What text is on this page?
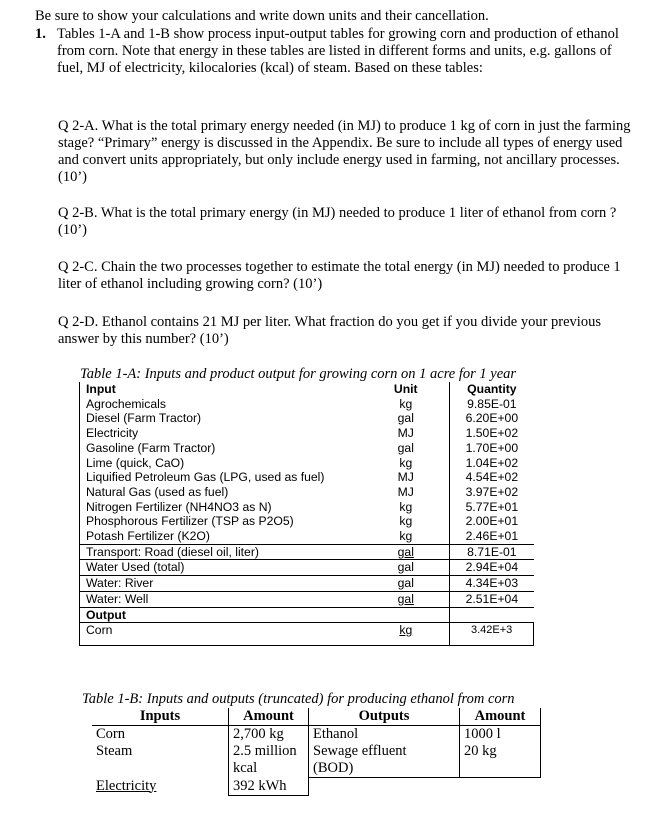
Be sure to show your calculations and write down units and their cancellation.
1. Tables 1-A and 1-B show process input-output tables for growing corn and production of ethanol from corn. Note that energy in these tables are listed in different forms and units, e.g. gallons of fuel, MJ of electricity, kilocalories (kcal) of steam. Based on these tables:
Q 2-A. What is the total primary energy needed (in MJ) to produce 1 kg of corn in just the farming stage? “Primary” energy is discussed in the Appendix. Be sure to include all types of energy used and convert units appropriately, but only include energy used in farming, not ancillary processes. (10’)
Q 2-B. What is the total primary energy (in MJ) needed to produce 1 liter of ethanol from corn ? (10’)
Q 2-C. Chain the two processes together to estimate the total energy (in MJ) needed to produce 1 liter of ethanol including growing corn? (10’)
Q 2-D. Ethanol contains 21 MJ per liter. What fraction do you get if you divide your previous answer by this number? (10’)
Table 1-A: Inputs and product output for growing corn on 1 acre for 1 year
Input	Unit	Quantity
Agrochemicals	kg	9.85E-01
Diesel (Farm Tractor)	gal	6.20E+00
Electricity	MJ	1.50E+02
Gasoline (Farm Tractor)	gal	1.70E+00
Lime (quick, CaO)	kg	1.04E+02
Liquified Petroleum Gas (LPG, used as fuel)	MJ	4.54E+02
Natural Gas (used as fuel)	MJ	3.97E+02
Nitrogen Fertilizer (NH4NO3 as N)	kg	5.77E+01
Phosphorous Fertilizer (TSP as P2O5)	kg	2.00E+01
Potash Fertilizer (K2O)	kg	2.46E+01
Transport: Road (diesel oil, liter)	gal	8.71E-01
Water Used (total)	gal	2.94E+04
Water: River	gal	4.34E+03
Water: Well	gal	2.51E+04
Output		
Corn	kg	3.42E+3
Table 1-B: Inputs and outputs (truncated) for producing ethanol from corn
Inputs	Amount	Outputs	Amount
Corn	2,700 kg	Ethanol	1000 l
Steam	2.5 million	Sewage effluent	20 kg
	kcal	(BOD)	
Electricity	392 kWh		
